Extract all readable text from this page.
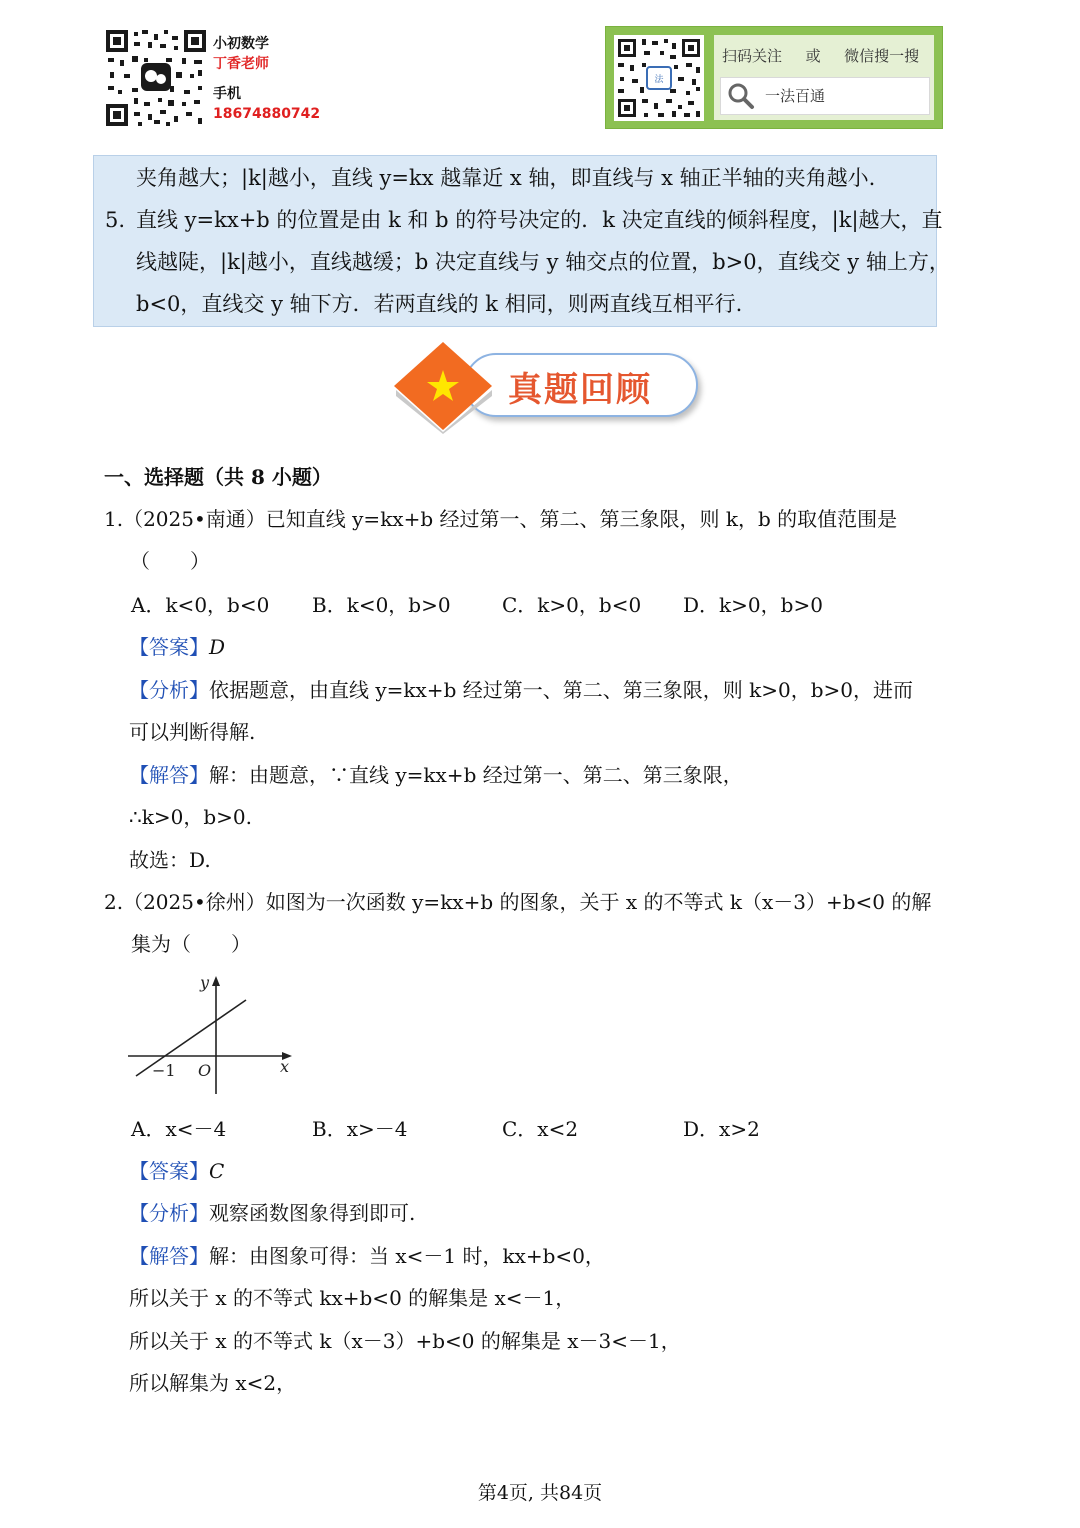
小初数学
丁香老师
手机
18674880742
法
扫码关注 或 微信搜一搜
一法百通
夹角越大；|k|越小，直线 y=kx 越靠近 x 轴，即直线与 x 轴正半轴的夹角越小.
5. 直线 y=kx+b 的位置是由 k 和 b 的符号决定的．k 决定直线的倾斜程度，|k|越大，直
线越陡，|k|越小，直线越缓；b 决定直线与 y 轴交点的位置，b>0，直线交 y 轴上方，
b<0，直线交 y 轴下方．若两直线的 k 相同，则两直线互相平行.
真题回顾
一、选择题（共 8 小题）
1.（2025•南通）已知直线 y=kx+b 经过第一、第二、第三象限，则 k，b 的取值范围是
（　　）
A．k<0，b<0 B．k<0，b>0	C．k>0，b<0 D．k>0，b>0
【答案】D
【分析】依据题意，由直线 y=kx+b 经过第一、第二、第三象限，则 k>0，b>0，进而
可以判断得解.
【解答】解：由题意，∵直线 y=kx+b 经过第一、第二、第三象限，
∴k>0，b>0.
故选：D.
2.（2025•徐州）如图为一次函数 y=kx+b 的图象，关于 x 的不等式 k（x－3）+b<0 的解
集为（　　）
y
x
O
−1
A．x<－4	B．x>－4	C．x<2	D．x>2
【答案】C
【分析】观察函数图象得到即可.
【解答】解：由图象可得：当 x<－1 时，kx+b<0，
所以关于 x 的不等式 kx+b<0 的解集是 x<－1，
所以关于 x 的不等式 k（x－3）+b<0 的解集是 x－3<－1，
所以解集为 x<2，
第4页, 共84页
